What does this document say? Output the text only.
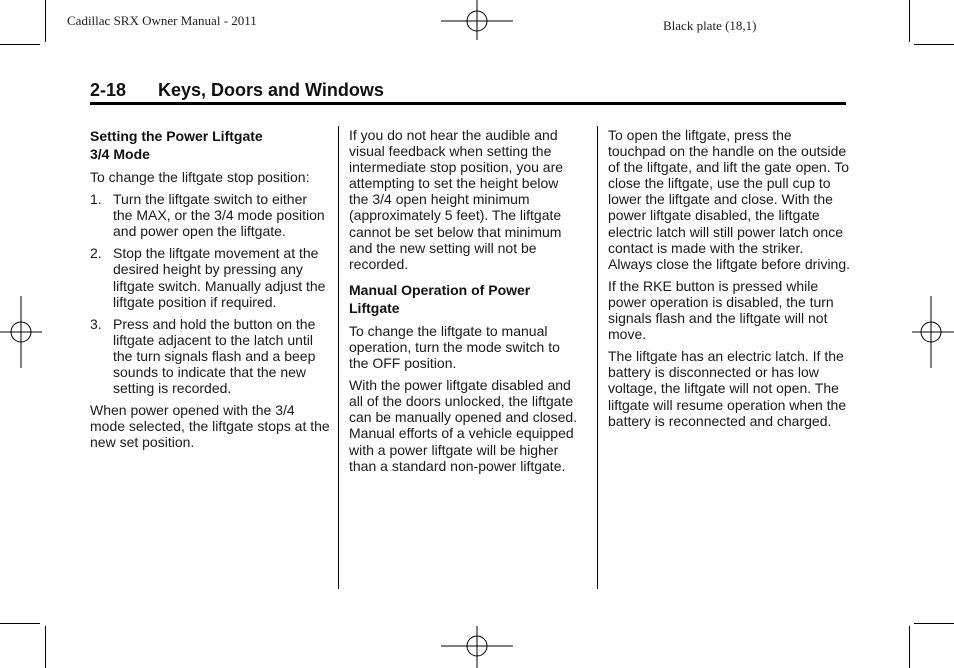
Cadillac SRX Owner Manual - 2011	Black plate (18,1)
2-18 Keys, Doors and Windows
Setting the Power Liftgate
3/4 Mode

To change the liftgate stop position:

1. Turn the liftgate switch to either the MAX, or the 3/4 mode position and power open the liftgate.
2. Stop the liftgate movement at the desired height by pressing any liftgate switch. Manually adjust the liftgate position if required.
3. Press and hold the button on the liftgate adjacent to the latch until the turn signals flash and a beep sounds to indicate that the new setting is recorded.

When power opened with the 3/4 mode selected, the liftgate stops at the new set position.

If you do not hear the audible and visual feedback when setting the intermediate stop position, you are attempting to set the height below the 3/4 open height minimum (approximately 5 feet). The liftgate cannot be set below that minimum and the new setting will not be recorded.

Manual Operation of Power
Liftgate

To change the liftgate to manual operation, turn the mode switch to the OFF position.

With the power liftgate disabled and all of the doors unlocked, the liftgate can be manually opened and closed. Manual efforts of a vehicle equipped with a power liftgate will be higher than a standard non-power liftgate.

To open the liftgate, press the touchpad on the handle on the outside of the liftgate, and lift the gate open. To close the liftgate, use the pull cup to lower the liftgate and close. With the power liftgate disabled, the liftgate electric latch will still power latch once contact is made with the striker. Always close the liftgate before driving.

If the RKE button is pressed while power operation is disabled, the turn signals flash and the liftgate will not move.

The liftgate has an electric latch. If the battery is disconnected or has low voltage, the liftgate will not open. The liftgate will resume operation when the battery is reconnected and charged.
